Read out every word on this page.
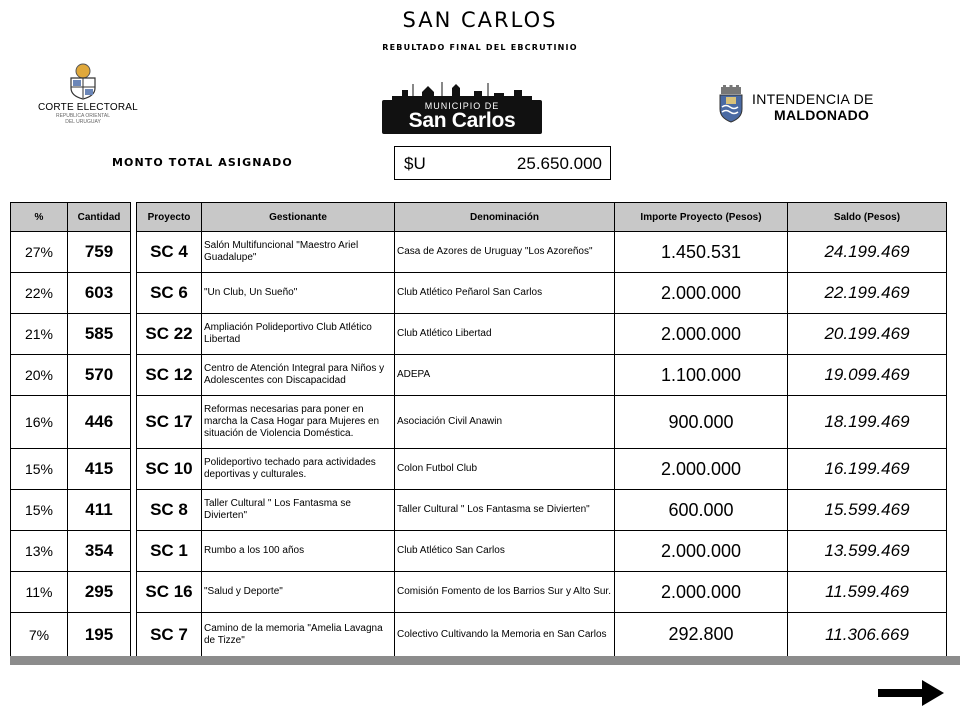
SAN CARLOS
REBULTADO FINAL DEL EBCRUTINIO
CORTE ELECTORAL
REPUBLICA ORIENTAL
DEL URUGUAY
MUNICIPIO DE
San Carlos
INTENDENCIA DE
MALDONADO
MONTO TOTAL ASIGNADO	$U	25.650.000
%	Cantidad		Proyecto	Gestionante	Denominación	Importe Proyecto (Pesos)	Saldo (Pesos)
27%	759		SC 4	Salón Multifuncional "Maestro Ariel Guadalupe"	Casa de Azores de Uruguay "Los Azoreños"	1.450.531	24.199.469
22%	603		SC 6	"Un Club, Un Sueño"	Club Atlético Peñarol San Carlos	2.000.000	22.199.469
21%	585		SC 22	Ampliación Polideportivo Club Atlético Libertad	Club Atlético Libertad	2.000.000	20.199.469
20%	570		SC 12	Centro de Atención Integral para Niños y Adolescentes con Discapacidad	ADEPA	1.100.000	19.099.469
16%	446		SC 17	Reformas necesarias para poner en marcha la Casa Hogar para Mujeres en situación de Violencia Doméstica.	Asociación Civil Anawin	900.000	18.199.469
15%	415		SC 10	Polideportivo techado para actividades deportivas y culturales.	Colon Futbol Club	2.000.000	16.199.469
15%	411		SC 8	Taller Cultural " Los Fantasma se Divierten"	Taller Cultural " Los Fantasma se Divierten"	600.000	15.599.469
13%	354		SC 1	Rumbo a los 100 años	Club Atlético San Carlos	2.000.000	13.599.469
11%	295		SC 16	"Salud y Deporte"	Comisión Fomento de los Barrios Sur y Alto Sur.	2.000.000	11.599.469
7%	195		SC 7	Camino de la memoria "Amelia Lavagna de Tizze"	Colectivo Cultivando la Memoria en San Carlos	292.800	11.306.669
